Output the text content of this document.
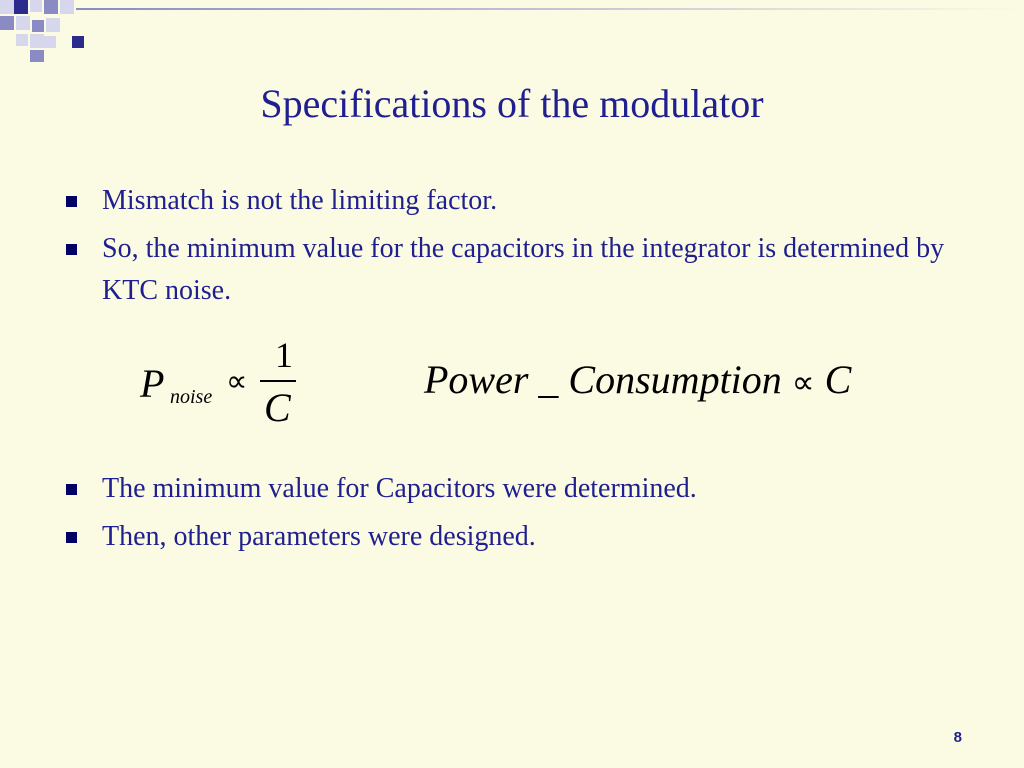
Specifications of the modulator
Mismatch is not the limiting factor.
So, the minimum value for the capacitors in the integrator is determined by KTC noise.
P noise ∝
1
C
Power _ Consumption ∝ C
The minimum value for Capacitors were determined.
Then, other parameters were designed.
8
